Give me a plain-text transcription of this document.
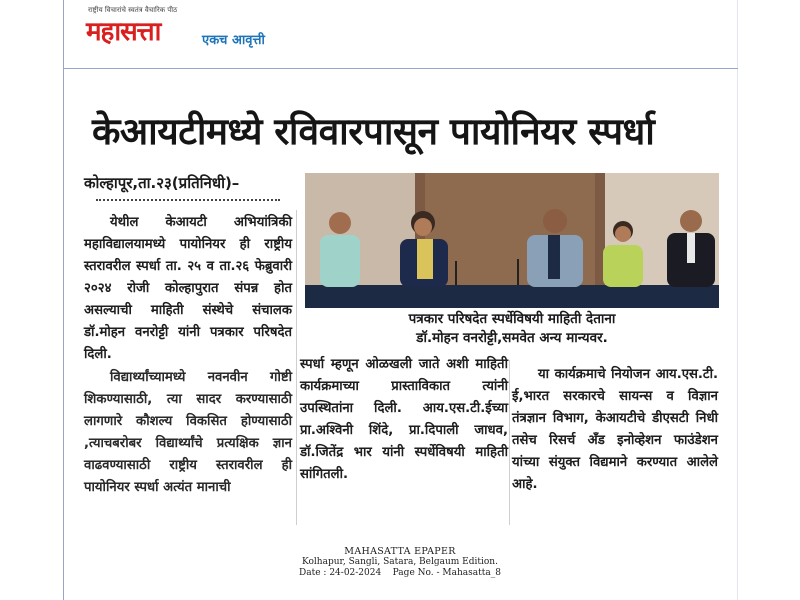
राष्ट्रीय विचारांचे स्वतंत्र वैचारिक पीठ
महासत्ता	एकच आवृत्ती
केआयटीमध्ये रविवारपासून पायोनियर स्पर्धा
कोल्हापूर,ता.२३(प्रतिनिधी)–

येथील केआयटी अभियांत्रिकी महाविद्यालयामध्ये पायोनियर ही राष्ट्रीय स्तरावरील स्पर्धा ता. २५ व ता.२६ फेब्रुवारी २०२४ रोजी कोल्हापुरात संपन्न होत असल्याची माहिती संस्थेचे संचालक डॉ.मोहन वनरोट्टी यांनी पत्रकार परिषदेत दिली.

विद्यार्थ्यांच्यामध्ये नवनवीन गोष्टी शिकण्यासाठी, त्या सादर करण्यासाठी लागणारे कौशल्य विकसित होण्यासाठी ,त्याचबरोबर विद्यार्थ्यांचे प्रत्यक्षिक ज्ञान वाढवण्यासाठी राष्ट्रीय स्तरावरील ही पायोनियर स्पर्धा अत्यंत मानाची

पत्रकार परिषदेत स्पर्धेविषयी माहिती देताना
डॉ.मोहन वनरोट्टी,समवेत अन्य मान्यवर.

स्पर्धा म्हणून ओळखली जाते अशी माहिती कार्यक्रमाच्या प्रास्ताविकात त्यांनी उपस्थितांना दिली. आय.एस.टी.ईच्या प्रा.अश्विनी शिंदे, प्रा.दिपाली जाधव, डॉ.जितेंद्र भार यांनी स्पर्धेविषयी माहिती सांगितली.

या कार्यक्रमाचे नियोजन आय.एस.टी. ई,भारत सरकारचे सायन्स व विज्ञान तंत्रज्ञान विभाग, केआयटीचे डीएसटी निधी तसेच रिसर्च अँड इनोव्हेशन फाउंडेशन यांच्या संयुक्त विद्यमाने करण्यात आलेले आहे.

MAHASATTA EPAPER
Kolhapur, Sangli, Satara, Belgaum Edition.
Date : 24-02-2024    Page No. - Mahasatta_8
